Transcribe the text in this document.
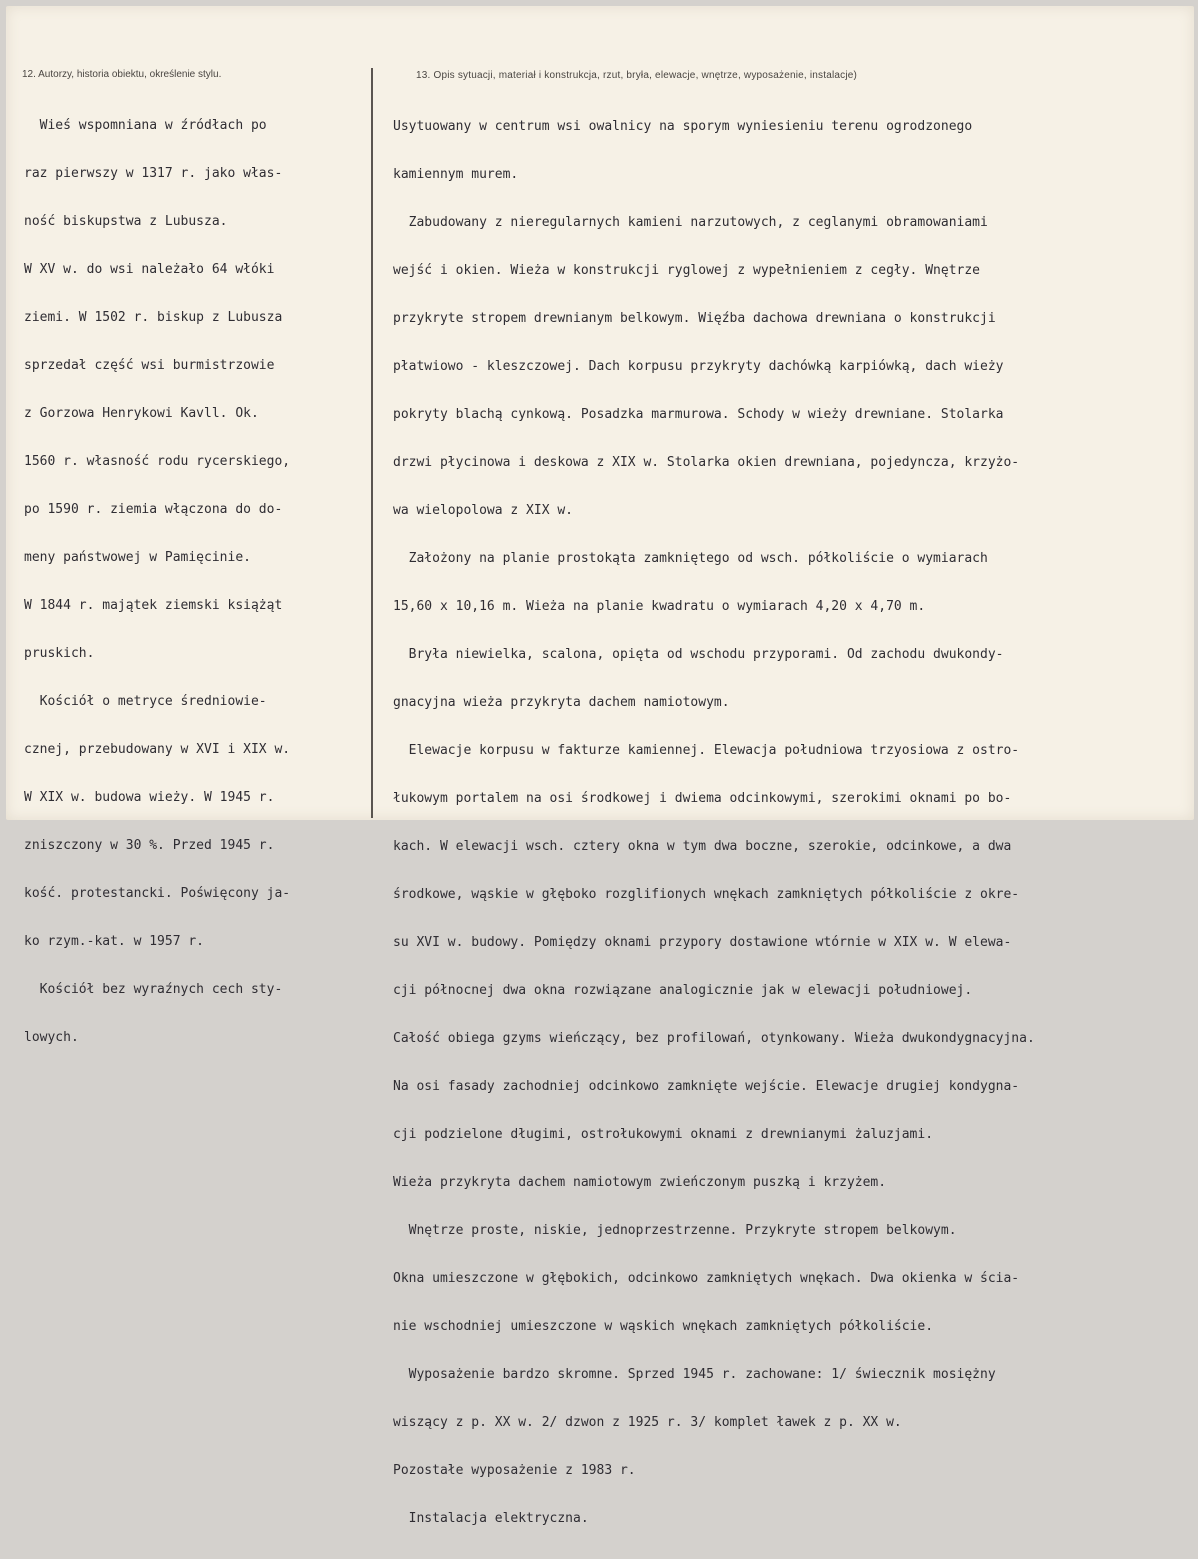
12. Autorzy, historia obiektu, określenie stylu.	13. Opis sytuacji, materiał i konstrukcja, rzut, bryła, elewacje, wnętrze, wyposażenie, instalacje)

Wieś wspomniana w źródłach po

raz pierwszy w 1317 r. jako włas-

ność biskupstwa z Lubusza.

W XV w. do wsi należało 64 włóki

ziemi. W 1502 r. biskup z Lubusza

sprzedał część wsi burmistrzowie

z Gorzowa Henrykowi Kavll. Ok.

1560 r. własność rodu rycerskiego,

po 1590 r. ziemia włączona do do-

meny państwowej w Pamięcinie.

W 1844 r. majątek ziemski książąt

pruskich.

Kościół o metryce średniowie-

cznej, przebudowany w XVI i XIX w.

W XIX w. budowa wieży. W 1945 r.

zniszczony w 30 %. Przed 1945 r.

kość. protestancki. Poświęcony ja-

ko rzym.-kat. w 1957 r.

Kościół bez wyraźnych cech sty-

lowych.

Usytuowany w centrum wsi owalnicy na sporym wyniesieniu terenu ogrodzonego

kamiennym murem.

Zabudowany z nieregularnych kamieni narzutowych, z ceglanymi obramowaniami

wejść i okien. Wieża w konstrukcji ryglowej z wypełnieniem z cegły. Wnętrze

przykryte stropem drewnianym belkowym. Więźba dachowa drewniana o konstrukcji

płatwiowo - kleszczowej. Dach korpusu przykryty dachówką karpiówką, dach wieży

pokryty blachą cynkową. Posadzka marmurowa. Schody w wieży drewniane. Stolarka

drzwi płycinowa i deskowa z XIX w. Stolarka okien drewniana, pojedyncza, krzyżo-

wa wielopolowa z XIX w.

Założony na planie prostokąta zamkniętego od wsch. półkoliście o wymiarach

15,60 x 10,16 m. Wieża na planie kwadratu o wymiarach 4,20 x 4,70 m.

Bryła niewielka, scalona, opięta od wschodu przyporami. Od zachodu dwukondy-

gnacyjna wieża przykryta dachem namiotowym.

Elewacje korpusu w fakturze kamiennej. Elewacja południowa trzyosiowa z ostro-

łukowym portalem na osi środkowej i dwiema odcinkowymi, szerokimi oknami po bo-

kach. W elewacji wsch. cztery okna w tym dwa boczne, szerokie, odcinkowe, a dwa

środkowe, wąskie w głęboko rozglifionych wnękach zamkniętych półkoliście z okre-

su XVI w. budowy. Pomiędzy oknami przypory dostawione wtórnie w XIX w. W elewa-

cji północnej dwa okna rozwiązane analogicznie jak w elewacji południowej.

Całość obiega gzyms wieńczący, bez profilowań, otynkowany. Wieża dwukondygnacyjna.

Na osi fasady zachodniej odcinkowo zamknięte wejście. Elewacje drugiej kondygna-

cji podzielone długimi, ostrołukowymi oknami z drewnianymi żaluzjami.

Wieża przykryta dachem namiotowym zwieńczonym puszką i krzyżem.

Wnętrze proste, niskie, jednoprzestrzenne. Przykryte stropem belkowym.

Okna umieszczone w głębokich, odcinkowo zamkniętych wnękach. Dwa okienka w ścia-

nie wschodniej umieszczone w wąskich wnękach zamkniętych półkoliście.

Wyposażenie bardzo skromne. Sprzed 1945 r. zachowane: 1/ świecznik mosiężny

wiszący z p. XX w. 2/ dzwon z 1925 r. 3/ komplet ławek z p. XX w.

Pozostałe wyposażenie z 1983 r.

Instalacja elektryczna.
